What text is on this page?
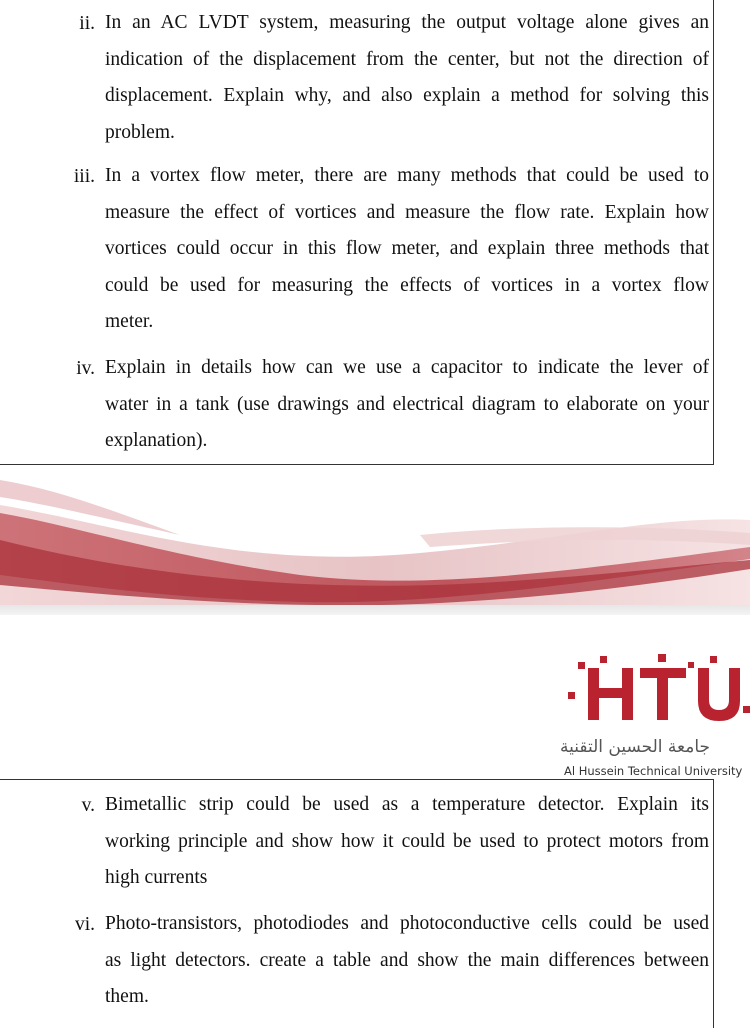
ii. In an AC LVDT system, measuring the output voltage alone gives an
indication of the displacement from the center, but not the direction of
displacement. Explain why, and also explain a method for solving this
problem.
iii. In a vortex flow meter, there are many methods that could be used to
measure the effect of vortices and measure the flow rate. Explain how
vortices could occur in this flow meter, and explain three methods that
could be used for measuring the effects of vortices in a vortex flow
meter.
iv. Explain in details how can we use a capacitor to indicate the lever of
water in a tank (use drawings and electrical diagram to elaborate on your
explanation).
جامعة الحسين التقنية
Al Hussein Technical University
v. Bimetallic strip could be used as a temperature detector. Explain its
working principle and show how it could be used to protect motors from
high currents
vi. Photo-transistors, photodiodes and photoconductive cells could be used
as light detectors. create a table and show the main differences between
them.
